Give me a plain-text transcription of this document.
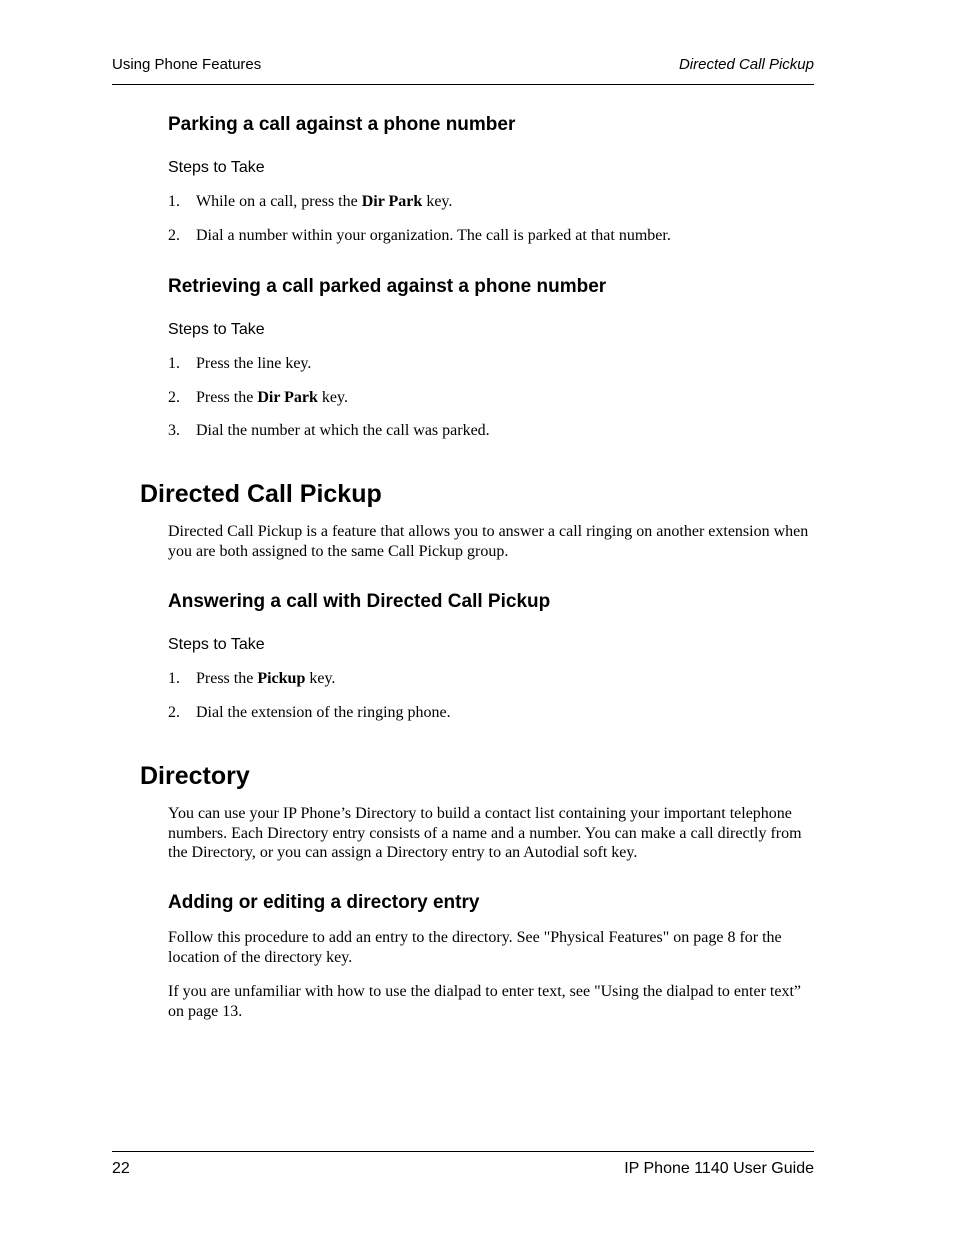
Using Phone Features	Directed Call Pickup
Parking a call against a phone number
Steps to Take
1. While on a call, press the Dir Park key.
2. Dial a number within your organization. The call is parked at that number.
Retrieving a call parked against a phone number
Steps to Take
1. Press the line key.
2. Press the Dir Park key.
3. Dial the number at which the call was parked.
Directed Call Pickup
Directed Call Pickup is a feature that allows you to answer a call ringing on another extension when you are both assigned to the same Call Pickup group.
Answering a call with Directed Call Pickup
Steps to Take
1. Press the Pickup key.
2. Dial the extension of the ringing phone.
Directory
You can use your IP Phone’s Directory to build a contact list containing your important telephone numbers. Each Directory entry consists of a name and a number. You can make a call directly from the Directory, or you can assign a Directory entry to an Autodial soft key.
Adding or editing a directory entry
Follow this procedure to add an entry to the directory. See "Physical Features" on page 8 for the location of the directory key.
If you are unfamiliar with how to use the dialpad to enter text, see "Using the dialpad to enter text” on page 13.
22	IP Phone 1140 User Guide
